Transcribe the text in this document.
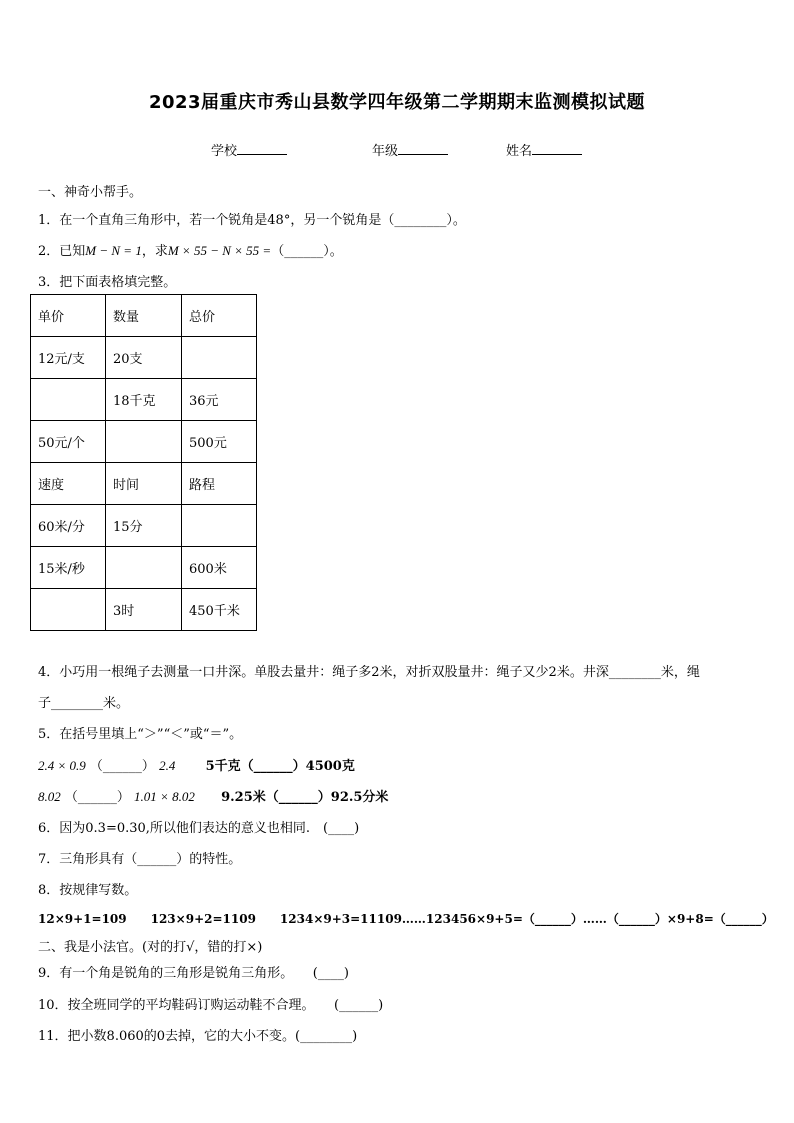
2023届重庆市秀山县数学四年级第二学期期末监测模拟试题
学校	年级	姓名
一、神奇小帮手。
1．在一个直角三角形中，若一个锐角是48°，另一个锐角是（________）。
2．已知M − N = 1，求M × 55 − N × 55 =（______）。
3．把下面表格填完整。
单价	数量	总价
12元/支	20支	
	18千克	36元
50元/个		500元
速度	时间	路程
60米/分	15分	
15米/秒		600米
	3时	450千米
4．小巧用一根绳子去测量一口井深。单股去量井：绳子多2米，对折双股量井：绳子又少2米。井深________米，绳
子________米。
5．在括号里填上“＞”“＜”或“＝”。
2.4 × 0.9 （______） 2.4 5千克（______）4500克
8.02 （______） 1.01 × 8.02 9.25米（______）92.5分米
6．因为0.3=0.30,所以他们表达的意义也相同.　(____)
7．三角形具有（______）的特性。
8．按规律写数。
12×9+1=109　　123×9+2=1109　　1234×9+3=11109……123456×9+5=（______）……（______）×9+8=（______）
二、我是小法官。(对的打√，错的打×)
9．有一个角是锐角的三角形是锐角三角形。　　(____)
10．按全班同学的平均鞋码订购运动鞋不合理。　　(______)
11．把小数8.060的0去掉，它的大小不变。(________)
